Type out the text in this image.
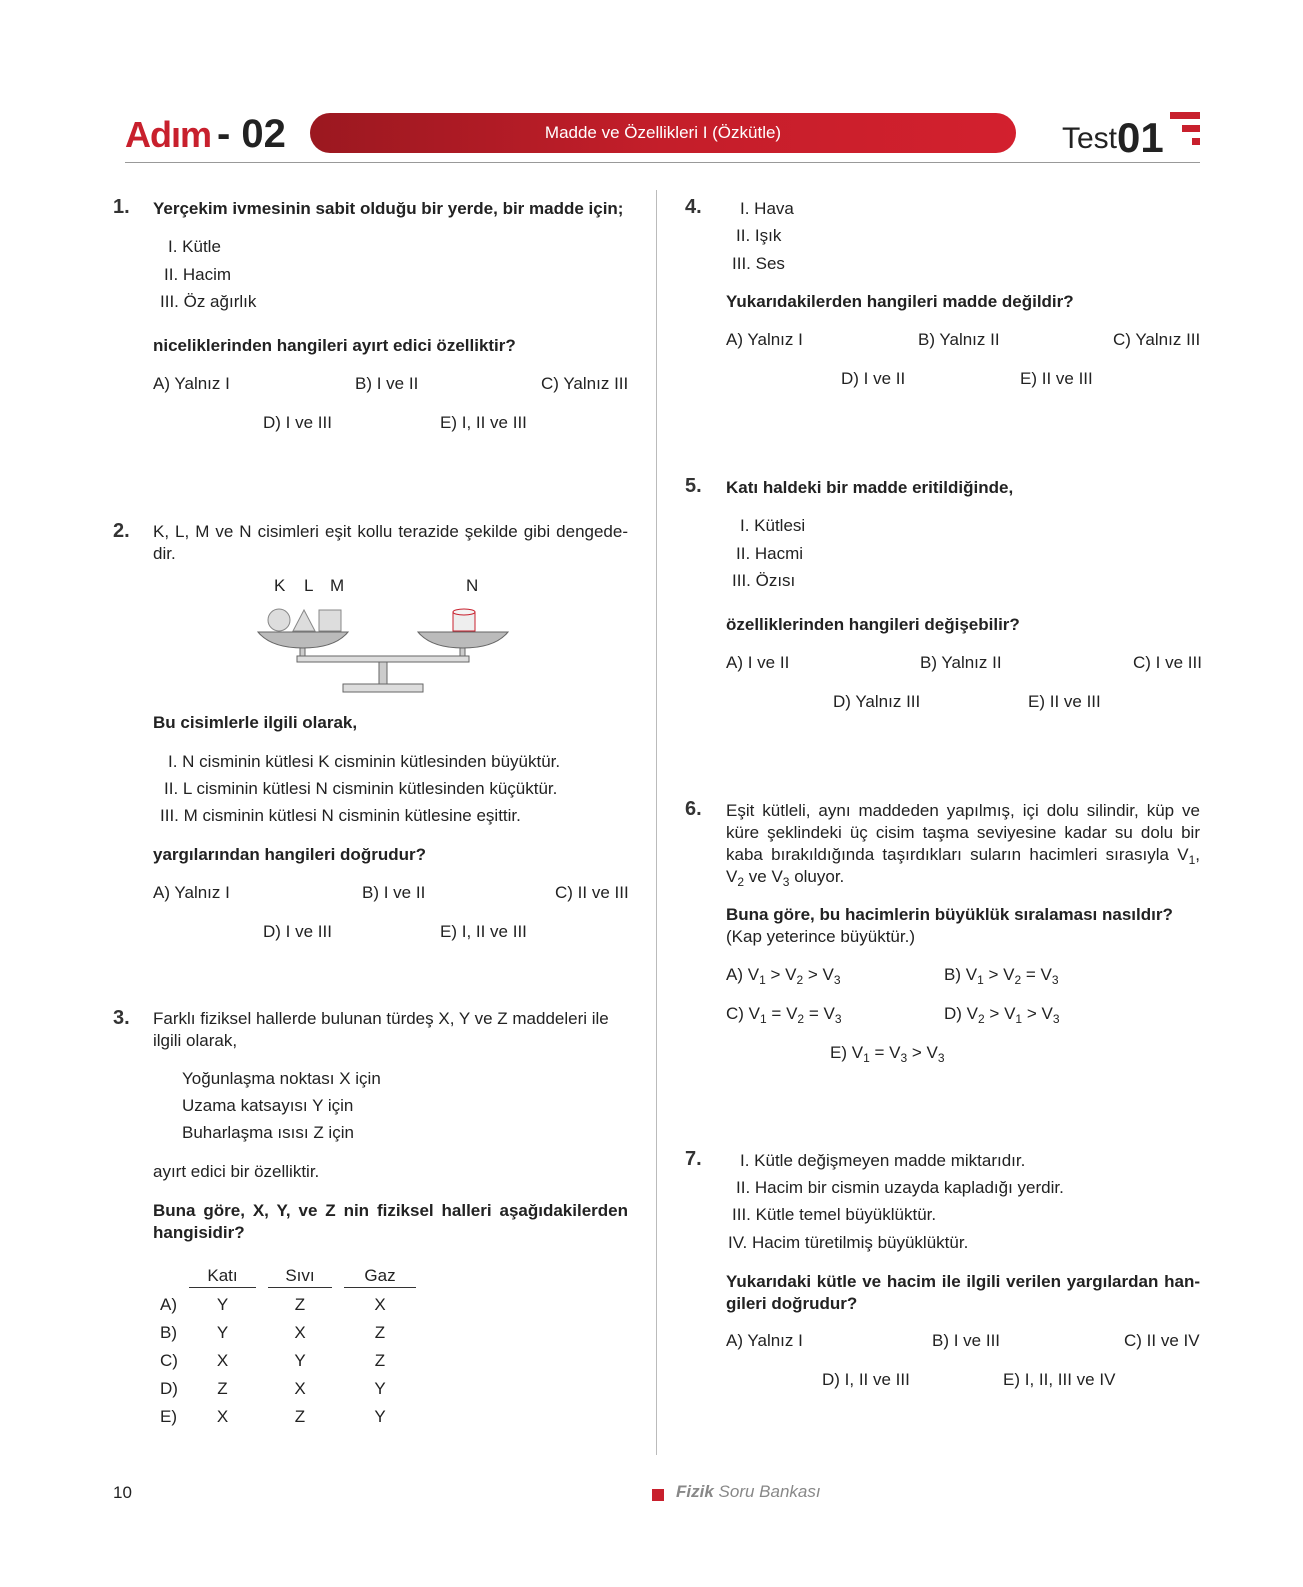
Adım - 02	Madde ve Özellikleri I (Özkütle)	Test 01
1. Yerçekim ivmesinin sabit olduğu bir yerde, bir madde için;
I. Kütle
II. Hacim
III. Öz ağırlık
niceliklerinden hangileri ayırt edici özelliktir?
A) Yalnız I	B) I ve II	C) Yalnız III
D) I ve III	E) I, II ve III
2. K, L, M ve N cisimleri eşit kollu terazide şekilde gibi dengede-dir.
K L M	N
Bu cisimlerle ilgili olarak,
I. N cisminin kütlesi K cisminin kütlesinden büyüktür.
II. L cisminin kütlesi N cisminin kütlesinden küçüktür.
III. M cisminin kütlesi N cisminin kütlesine eşittir.
yargılarından hangileri doğrudur?
A) Yalnız I	B) I ve II	C) II ve III
D) I ve III	E) I, II ve III
3. Farklı fiziksel hallerde bulunan türdeş X, Y ve Z maddeleri ile ilgili olarak,
Yoğunlaşma noktası X için
Uzama katsayısı Y için
Buharlaşma ısısı Z için
ayırt edici bir özelliktir.
Buna göre, X, Y, ve Z nin fiziksel halleri aşağıdakilerden hangisidir?
Katı	Sıvı	Gaz
A)	Y	Z	X
B)	Y	X	Z
C)	X	Y	Z
D)	Z	X	Y
E)	X	Z	Y
4. I. Hava
II. Işık
III. Ses
Yukarıdakilerden hangileri madde değildir?
A) Yalnız I	B) Yalnız II	C) Yalnız III
D) I ve II	E) II ve III
5. Katı haldeki bir madde eritildiğinde,
I. Kütlesi
II. Hacmi
III. Özısı
özelliklerinden hangileri değişebilir?
A) I ve II	B) Yalnız II	C) I ve III
D) Yalnız III	E) II ve III
6. Eşit kütleli, aynı maddeden yapılmış, içi dolu silindir, küp ve küre şeklindeki üç cisim taşma seviyesine kadar su dolu bir kaba bırakıldığında taşırdıkları suların hacimleri sırasıyla $V_1$, $V_2$ ve $V_3$ oluyor.
Buna göre, bu hacimlerin büyüklük sıralaması nasıldır?
(Kap yeterince büyüktür.)
A) $V_1 > V_2 > V_3$	B) $V_1 > V_2 = V_3$
C) $V_1 = V_2 = V_3$	D) $V_2 > V_1 > V_3$
E) $V_1 = V_3 > V_3$
7. I. Kütle değişmeyen madde miktarıdır.
II. Hacim bir cismin uzayda kapladığı yerdir.
III. Kütle temel büyüklüktür.
IV. Hacim türetilmiş büyüklüktür.
Yukarıdaki kütle ve hacim ile ilgili verilen yargılardan han-gileri doğrudur?
A) Yalnız I	B) I ve III	C) II ve IV
D) I, II ve III	E) I, II, III ve IV
10	Fizik Soru Bankası
